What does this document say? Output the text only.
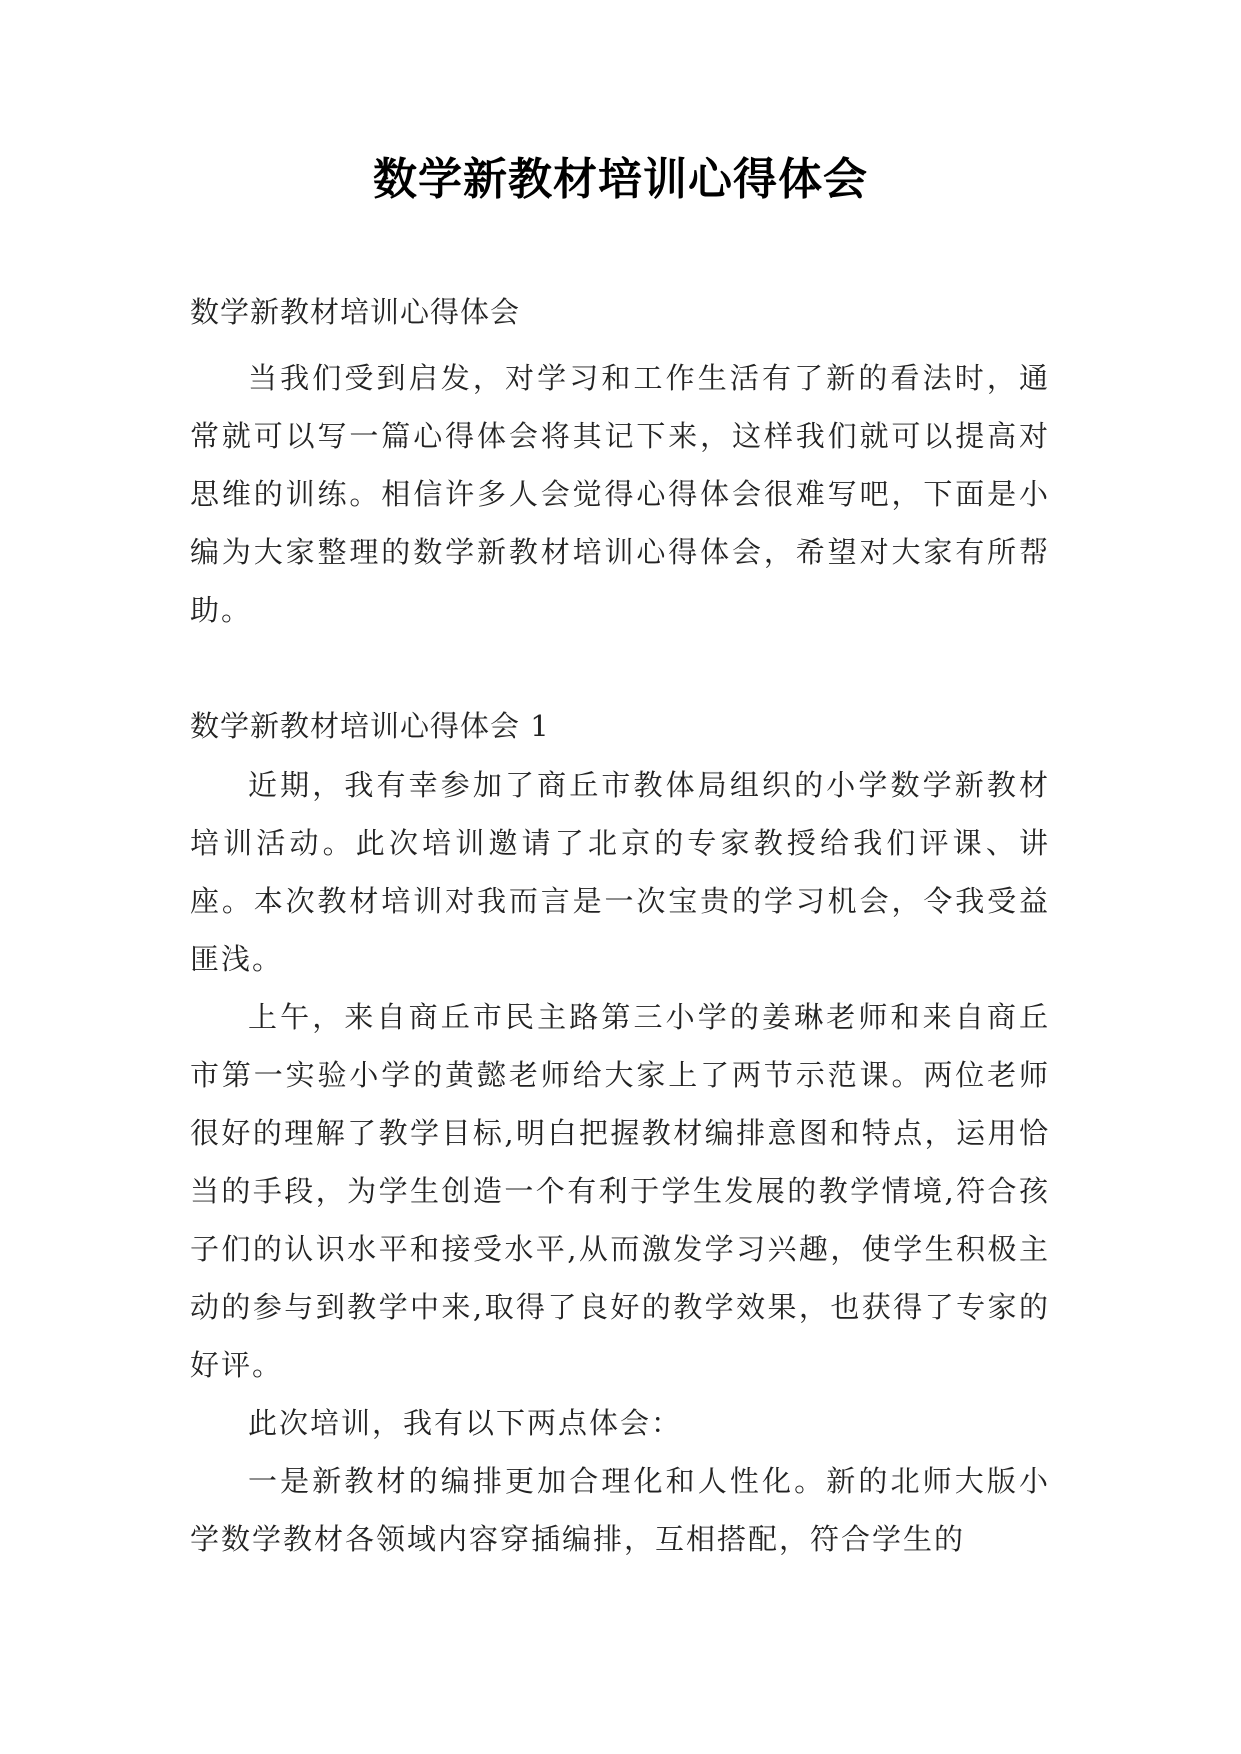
数学新教材培训心得体会

数学新教材培训心得体会

当我们受到启发，对学习和工作生活有了新的看法时，通常就可以写一篇心得体会将其记下来，这样我们就可以提高对思维的训练。相信许多人会觉得心得体会很难写吧，下面是小编为大家整理的数学新教材培训心得体会，希望对大家有所帮助。

数学新教材培训心得体会 1

近期，我有幸参加了商丘市教体局组织的小学数学新教材培训活动。此次培训邀请了北京的专家教授给我们评课、讲座。本次教材培训对我而言是一次宝贵的学习机会，令我受益匪浅。

上午，来自商丘市民主路第三小学的姜琳老师和来自商丘市第一实验小学的黄懿老师给大家上了两节示范课。两位老师很好的理解了教学目标,明白把握教材编排意图和特点，运用恰当的手段，为学生创造一个有利于学生发展的教学情境,符合孩子们的认识水平和接受水平,从而激发学习兴趣，使学生积极主动的参与到教学中来,取得了良好的教学效果，也获得了专家的好评。

此次培训，我有以下两点体会：

一是新教材的编排更加合理化和人性化。新的北师大版小学数学教材各领域内容穿插编排，互相搭配，符合学生的
